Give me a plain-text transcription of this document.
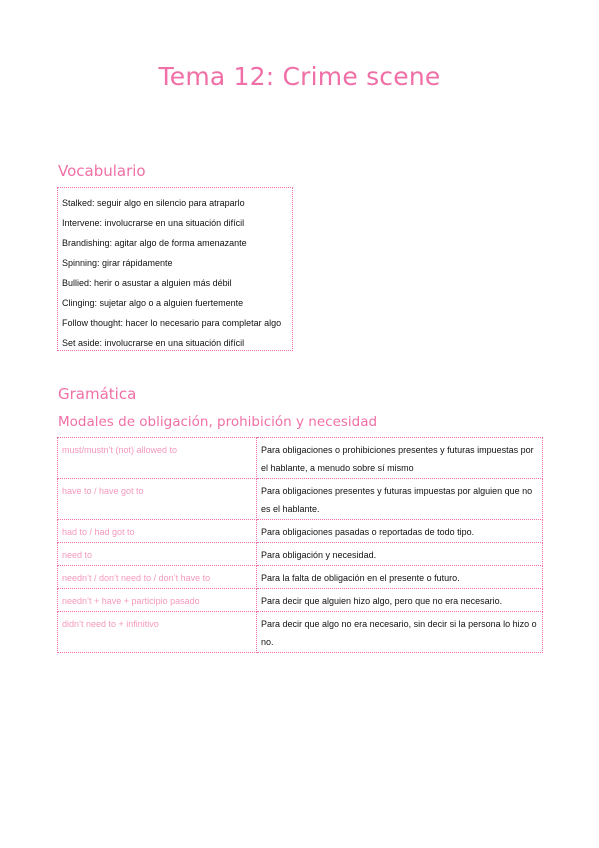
Tema 12: Crime scene
Vocabulario
Stalked: seguir algo en silencio para atraparlo
Intervene: involucrarse en una situación difícil
Brandishing: agitar algo de forma amenazante
Spinning: girar rápidamente
Bullied: herir o asustar a alguien más débil
Clinging: sujetar algo o a alguien fuertemente
Follow thought: hacer lo necesario para completar algo
Set aside: involucrarse en una situación difícil
Gramática
Modales de obligación, prohibición y necesidad
must/mustn’t (not) allowed to	Para obligaciones o prohibiciones presentes y futuras impuestas por el hablante, a menudo sobre sí mismo
have to / have got to	Para obligaciones presentes y futuras impuestas por alguien que no es el hablante.
had to / had got to	Para obligaciones pasadas o reportadas de todo tipo.
need to	Para obligación y necesidad.
needn’t / don’t need to / don’t have to	Para la falta de obligación en el presente o futuro.
needn’t + have + participio pasado	Para decir que alguien hizo algo, pero que no era necesario.
didn’t need to + infinitivo	Para decir que algo no era necesario, sin decir si la persona lo hizo o no.
